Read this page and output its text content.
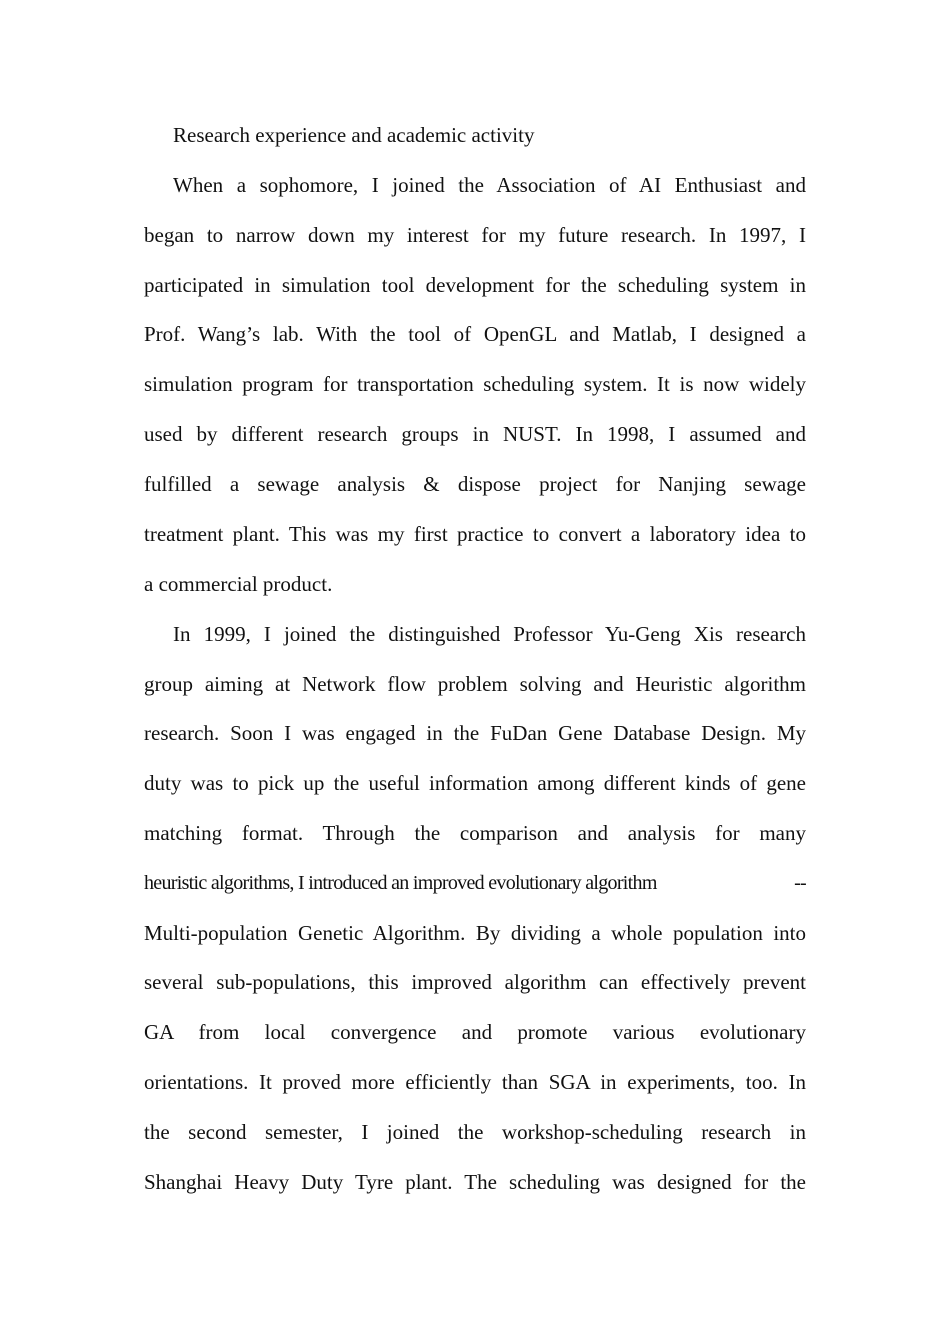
Research experience and academic activity
When a sophomore, I joined the Association of AI Enthusiast and
began to narrow down my interest for my future research. In 1997, I
participated in simulation tool development for the scheduling system in
Prof. Wang’s lab. With the tool of OpenGL and Matlab, I designed a
simulation program for transportation scheduling system. It is now widely
used by different research groups in NUST. In 1998, I assumed and
fulfilled a sewage analysis & dispose project for Nanjing sewage
treatment plant. This was my first practice to convert a laboratory idea to
a commercial product.
In 1999, I joined the distinguished Professor Yu-Geng Xis research
group aiming at Network flow problem solving and Heuristic algorithm
research. Soon I was engaged in the FuDan Gene Database Design. My
duty was to pick up the useful information among different kinds of gene
matching format. Through the comparison and analysis for many
heuristic algorithms, I introduced an improved evolutionary algorithm	--
Multi-population Genetic Algorithm. By dividing a whole population into
several sub-populations, this improved algorithm can effectively prevent
GA from local convergence and promote various evolutionary
orientations. It proved more efficiently than SGA in experiments, too. In
the second semester, I joined the workshop-scheduling research in
Shanghai Heavy Duty Tyre plant. The scheduling was designed for the
